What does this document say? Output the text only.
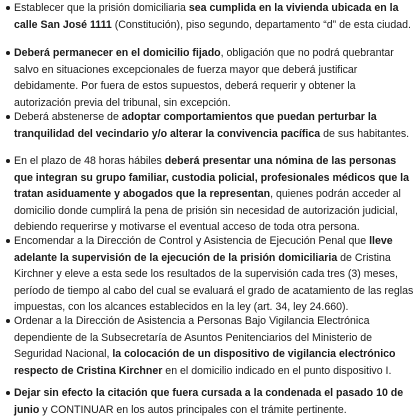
Establecer que la prisión domiciliaria sea cumplida en la vivienda ubicada en la calle San José 1111 (Constitución), piso segundo, departamento “d” de esta ciudad.
Deberá permanecer en el domicilio fijado, obligación que no podrá quebrantar salvo en situaciones excepcionales de fuerza mayor que deberá justificar debidamente. Por fuera de estos supuestos, deberá requerir y obtener la autorización previa del tribunal, sin excepción.
Deberá abstenerse de adoptar comportamientos que puedan perturbar la tranquilidad del vecindario y/o alterar la convivencia pacífica de sus habitantes.
En el plazo de 48 horas hábiles deberá presentar una nómina de las personas que integran su grupo familiar, custodia policial, profesionales médicos que la tratan asiduamente y abogados que la representan, quienes podrán acceder al domicilio donde cumplirá la pena de prisión sin necesidad de autorización judicial, debiendo requerirse y motivarse el eventual acceso de toda otra persona.
Encomendar a la Dirección de Control y Asistencia de Ejecución Penal que lleve adelante la supervisión de la ejecución de la prisión domiciliaria de Cristina Kirchner y eleve a esta sede los resultados de la supervisión cada tres (3) meses, período de tiempo al cabo del cual se evaluará el grado de acatamiento de las reglas impuestas, con los alcances establecidos en la ley (art. 34, ley 24.660).
Ordenar a la Dirección de Asistencia a Personas Bajo Vigilancia Electrónica dependiente de la Subsecretaría de Asuntos Penitenciarios del Ministerio de Seguridad Nacional, la colocación de un dispositivo de vigilancia electrónico respecto de Cristina Kirchner en el domicilio indicado en el punto dispositivo I.
Dejar sin efecto la citación que fuera cursada a la condenada el pasado 10 de junio y CONTINUAR en los autos principales con el trámite pertinente.
